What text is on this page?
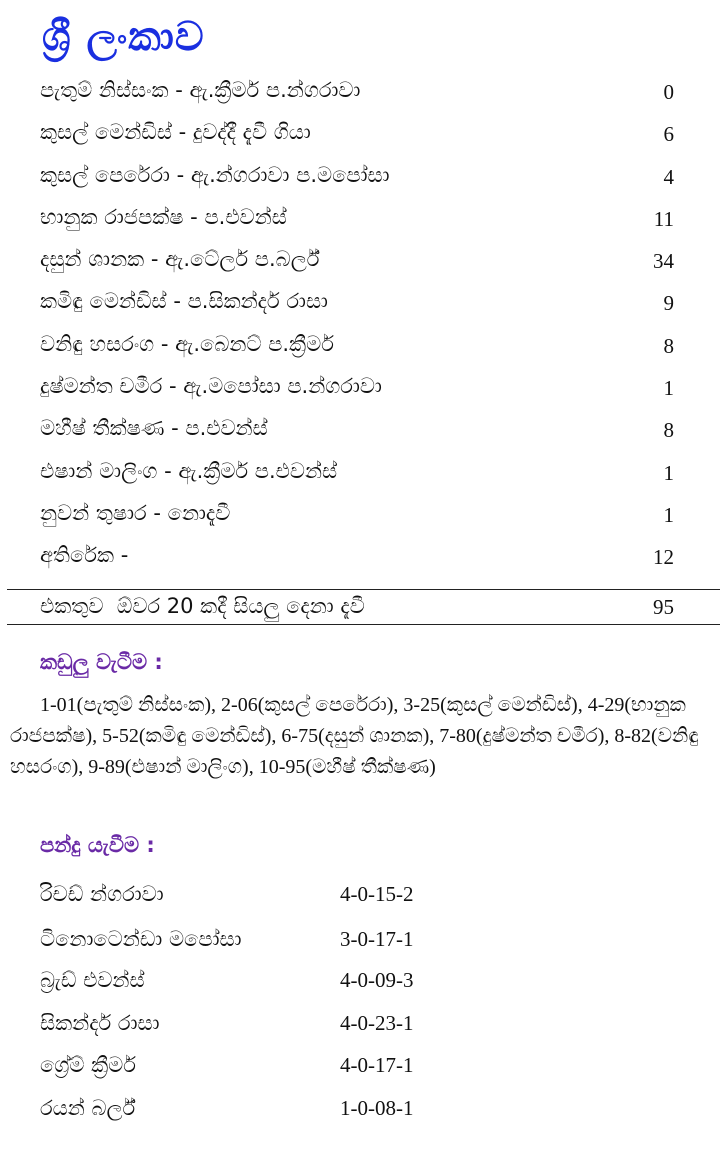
ශ්‍රී ලංකාව
පැතුම් නිස්සංක - ඇ.ක්‍රීමර් ප.න්ගරාවා	0
කුසල් මෙන්ඩිස් - දුවද්දී දැවී ගියා	6
කුසල් පෙරේරා - ඇ.න්ගරාවා ප.මපෝසා	4
භානුක රාජපක්ෂ - ප.එවන්ස්	11
දසුන් ශානක - ඇ.ටේලර් ප.බර්ල්	34
කමිඳු මෙන්ඩිස් - ප.සිකන්දර් රාසා	9
වනිඳු හසරංග - ඇ.බෙනට් ප.ක්‍රීමර්	8
දුෂ්මන්ත චමීර - ඇ.මපෝසා ප.න්ගරාවා	1
මහීෂ් තීක්ෂණ - ප.එවන්ස්	8
එෂාන් මාලිංග - ඇ.ක්‍රීමර් ප.එවන්ස්	1
නුවන් තුෂාර - නොදැවී	1
අතිරේක -	12
එකතුව  ඕවර 20 කදී සියලු දෙනා දැවී	95
කඩුලු වැටීම :
1-01(පැතුම් නිස්සංක), 2-06(කුසල් පෙරේරා), 3-25(කුසල් මෙන්ඩිස්), 4-29(භානුක රාජපක්ෂ), 5-52(කමිඳු මෙන්ඩිස්), 6-75(දසුන් ශානක), 7-80(දුෂ්මන්ත චමීර), 8-82(වනිඳු හසරංග), 9-89(එෂාන් මාලිංග), 10-95(මහීෂ් තීක්ෂණ)
පන්දු යැවීම :
රිචඩ් න්ගරාවා	4-0-15-2
ටිනොටෙන්ඩා මපෝසා	3-0-17-1
බ්‍රැඩ් එවන්ස්	4-0-09-3
සිකන්දර් රාසා	4-0-23-1
ග්‍රේම් ක්‍රීමර්	4-0-17-1
රයන් බර්ල්	1-0-08-1
